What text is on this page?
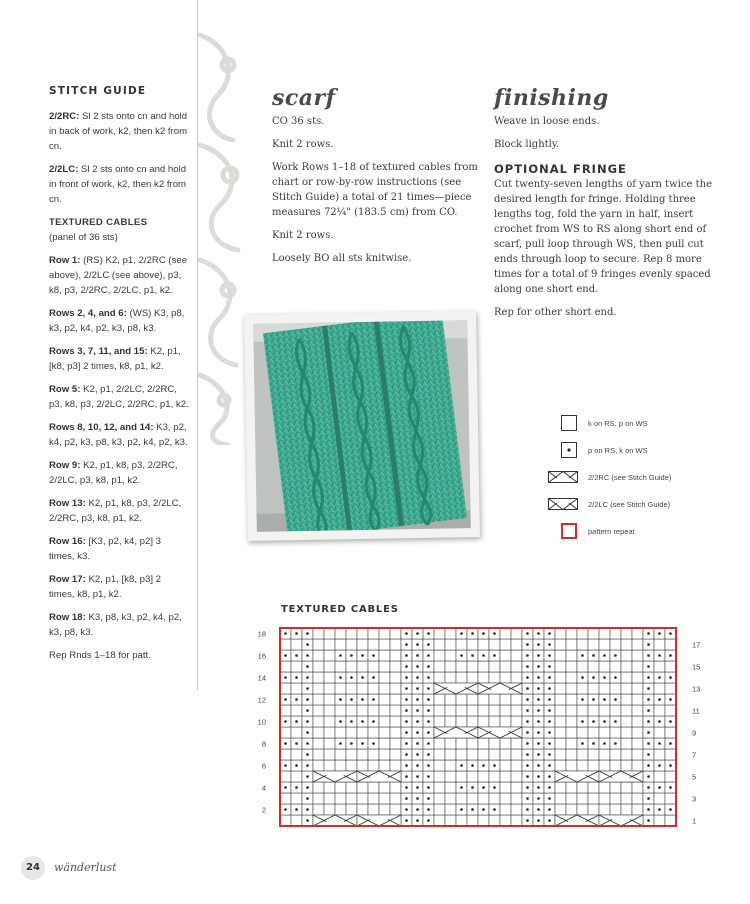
STITCH GUIDE

2/2RC: Sl 2 sts onto cn and hold in back of work, k2, then k2 from cn.

2/2LC: Sl 2 sts onto cn and hold in front of work, k2, then k2 from cn.

TEXTURED CABLES

(panel of 36 sts)

Row 1: (RS) K2, p1, 2/2RC (see above), 2/2LC (see above), p3, k8, p3, 2/2RC, 2/2LC, p1, k2.

Rows 2, 4, and 6: (WS) K3, p8, k3, p2, k4, p2, k3, p8, k3.

Rows 3, 7, 11, and 15: K2, p1, [k8, p3] 2 times, k8, p1, k2.

Row 5: K2, p1, 2/2LC, 2/2RC, p3, k8, p3, 2/2LC, 2/2RC, p1, k2.

Rows 8, 10, 12, and 14: K3, p2, k4, p2, k3, p8, k3, p2, k4, p2, k3.

Row 9: K2, p1, k8, p3, 2/2RC, 2/2LC, p3, k8, p1, k2.

Row 13: K2, p1, k8, p3, 2/2LC, 2/2RC, p3, k8, p1, k2.

Row 16: [K3, p2, k4, p2] 3 times, k3.

Row 17: K2, p1, [k8, p3] 2 times, k8, p1, k2.

Row 18: K3, p8, k3, p2, k4, p2, k3, p8, k3.

Rep Rnds 1–18 for patt.

scarf

CO 36 sts.

Knit 2 rows.

Work Rows 1–18 of textured cables from chart or row-by-row instructions (see Stitch Guide) a total of 21 times—piece measures 72¼" (183.5 cm) from CO.

Knit 2 rows.

Loosely BO all sts knitwise.

finishing

Weave in loose ends.

Block lightly.

OPTIONAL FRINGE

Cut twenty-seven lengths of yarn twice the desired length for fringe. Holding three lengths tog, fold the yarn in half, insert crochet from WS to RS along short end of scarf, pull loop through WS, then pull cut ends through loop to secure. Rep 8 more times for a total of 9 fringes evenly spaced along one short end.

Rep for other short end.

k on RS, p on WS
p on RS, k on WS
2/2RC (see Stitch Guide)
2/2LC (see Stitch Guide)
pattern repeat
TEXTURED CABLES
2
4
6
8
10
12
14
16
18
1
3
5
7
9
11
13
15
17
24	wänderlust
